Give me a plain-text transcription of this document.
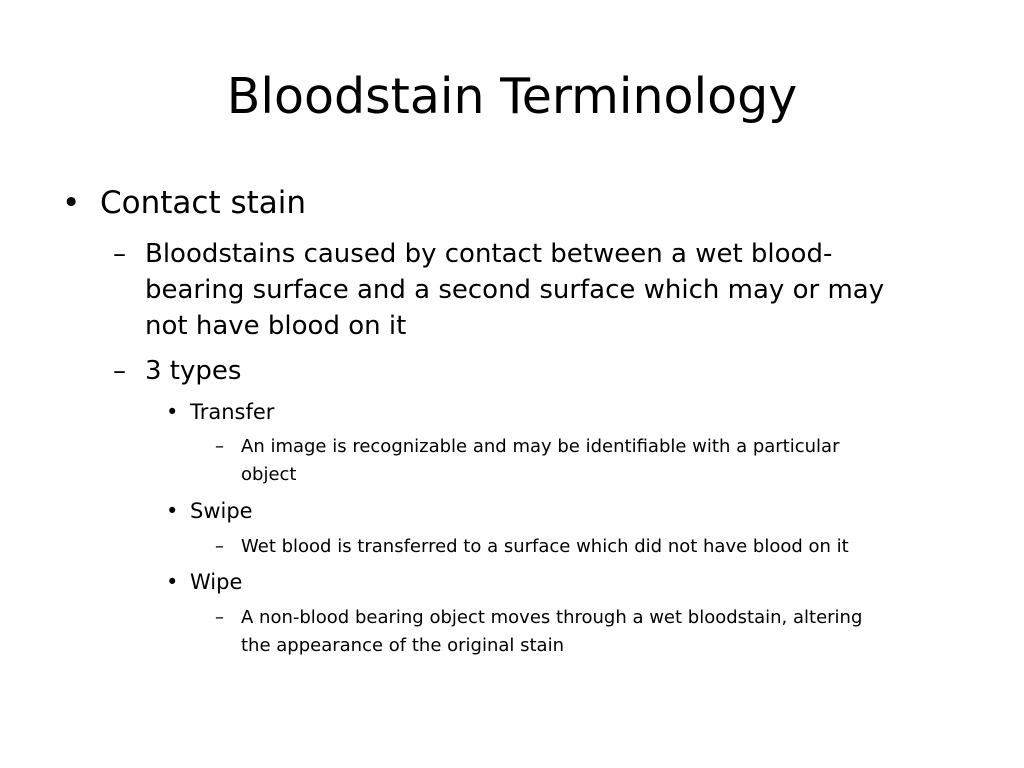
Bloodstain Terminology
• Contact stain
– Bloodstains caused by contact between a wet blood-
bearing surface and a second surface which may or may
not have blood on it
– 3 types
• Transfer
– An image is recognizable and may be identifiable with a particular
object
• Swipe
– Wet blood is transferred to a surface which did not have blood on it
• Wipe
– A non-blood bearing object moves through a wet bloodstain, altering
the appearance of the original stain
